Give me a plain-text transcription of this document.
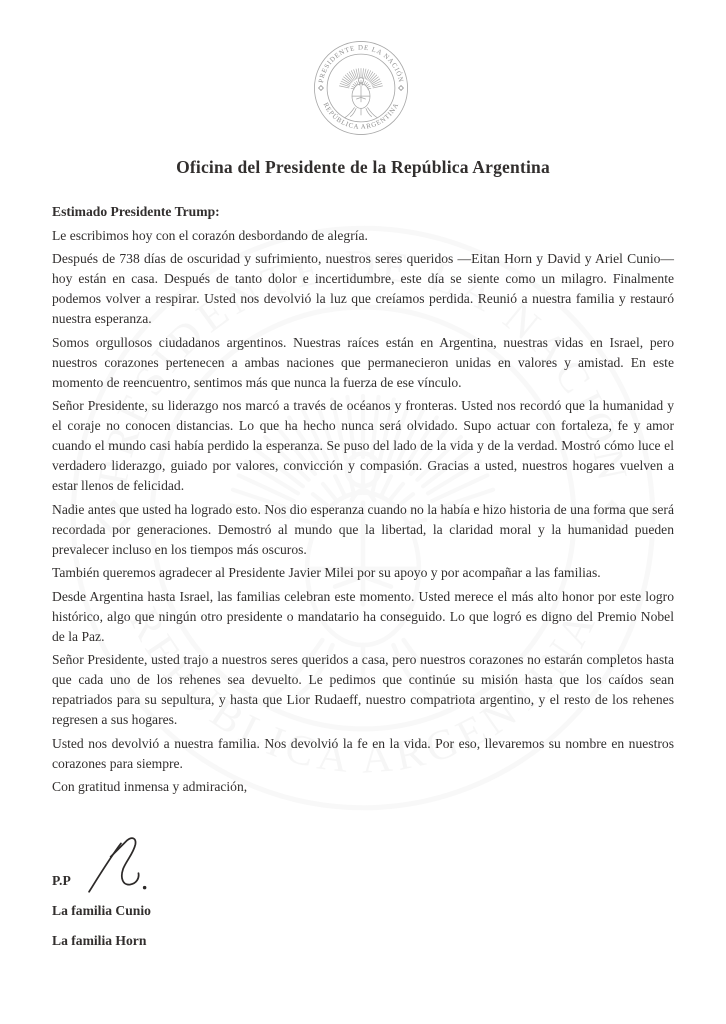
Oficina del Presidente de la República Argentina

Estimado Presidente Trump:

Le escribimos hoy con el corazón desbordando de alegría.

Después de 738 días de oscuridad y sufrimiento, nuestros seres queridos —Eitan Horn y David y Ariel Cunio— hoy están en casa. Después de tanto dolor e incertidumbre, este día se siente como un milagro. Finalmente podemos volver a respirar. Usted nos devolvió la luz que creíamos perdida. Reunió a nuestra familia y restauró nuestra esperanza.

Somos orgullosos ciudadanos argentinos. Nuestras raíces están en Argentina, nuestras vidas en Israel, pero nuestros corazones pertenecen a ambas naciones que permanecieron unidas en valores y amistad. En este momento de reencuentro, sentimos más que nunca la fuerza de ese vínculo.

Señor Presidente, su liderazgo nos marcó a través de océanos y fronteras. Usted nos recordó que la humanidad y el coraje no conocen distancias. Lo que ha hecho nunca será olvidado. Supo actuar con fortaleza, fe y amor cuando el mundo casi había perdido la esperanza. Se puso del lado de la vida y de la verdad. Mostró cómo luce el verdadero liderazgo, guiado por valores, convicción y compasión. Gracias a usted, nuestros hogares vuelven a estar llenos de felicidad.

Nadie antes que usted ha logrado esto. Nos dio esperanza cuando no la había e hizo historia de una forma que será recordada por generaciones. Demostró al mundo que la libertad, la claridad moral y la humanidad pueden prevalecer incluso en los tiempos más oscuros.

También queremos agradecer al Presidente Javier Milei por su apoyo y por acompañar a las familias.

Desde Argentina hasta Israel, las familias celebran este momento. Usted merece el más alto honor por este logro histórico, algo que ningún otro presidente o mandatario ha conseguido. Lo que logró es digno del Premio Nobel de la Paz.

Señor Presidente, usted trajo a nuestros seres queridos a casa, pero nuestros corazones no estarán completos hasta que cada uno de los rehenes sea devuelto. Le pedimos que continúe su misión hasta que los caídos sean repatriados para su sepultura, y hasta que Lior Rudaeff, nuestro compatriota argentino, y el resto de los rehenes regresen a sus hogares.

Usted nos devolvió a nuestra familia. Nos devolvió la fe en la vida. Por eso, llevaremos su nombre en nuestros corazones para siempre.

Con gratitud inmensa y admiración,

P.P
La familia Cunio
La familia Horn
